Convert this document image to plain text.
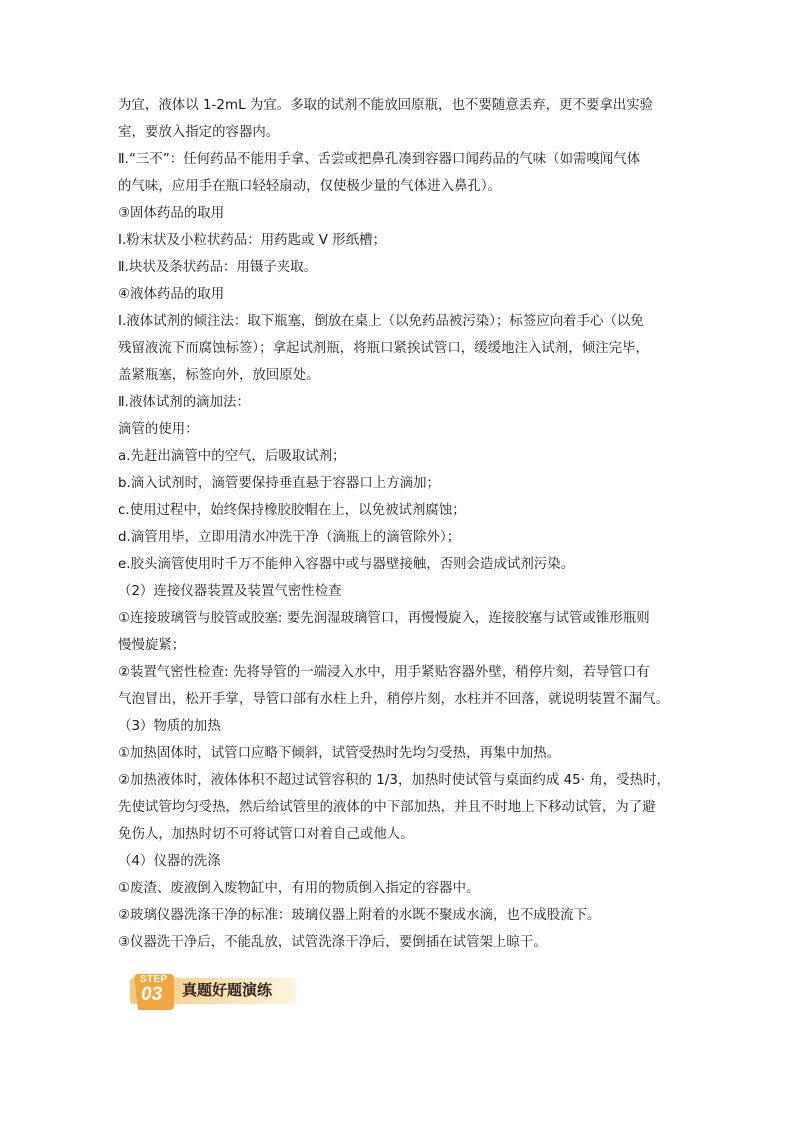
为宜，液体以 1-2mL 为宜。多取的试剂不能放回原瓶，也不要随意丢弃，更不要拿出实验
室，要放入指定的容器内。
Ⅱ.“三不”：任何药品不能用手拿、舌尝或把鼻孔凑到容器口闻药品的气味（如需嗅闻气体
的气味，应用手在瓶口轻轻扇动，仅使极少量的气体进入鼻孔）。
③固体药品的取用
Ⅰ.粉末状及小粒状药品：用药匙或 V 形纸槽；
Ⅱ.块状及条状药品：用镊子夹取。
④液体药品的取用
Ⅰ.液体试剂的倾注法：取下瓶塞，倒放在桌上（以免药品被污染）；标签应向着手心（以免
残留液流下而腐蚀标签）；拿起试剂瓶，将瓶口紧挨试管口，缓缓地注入试剂，倾注完毕，
盖紧瓶塞，标签向外，放回原处。
Ⅱ.液体试剂的滴加法：
滴管的使用：
a.先赶出滴管中的空气，后吸取试剂；
b.滴入试剂时，滴管要保持垂直悬于容器口上方滴加；
c.使用过程中，始终保持橡胶胶帽在上，以免被试剂腐蚀；
d.滴管用毕，立即用清水冲洗干净（滴瓶上的滴管除外）；
e.胶头滴管使用时千万不能伸入容器中或与器壁接触，否则会造成试剂污染。
（2）连接仪器装置及装置气密性检查
①连接玻璃管与胶管或胶塞: 要先润湿玻璃管口，再慢慢旋入，连接胶塞与试管或锥形瓶则
慢慢旋紧；
②装置气密性检查: 先将导管的一端浸入水中，用手紧贴容器外壁，稍停片刻，若导管口有
气泡冒出，松开手掌，导管口部有水柱上升，稍停片刻，水柱并不回落，就说明装置不漏气。
（3）物质的加热
①加热固体时，试管口应略下倾斜，试管受热时先均匀受热，再集中加热。
②加热液体时，液体体积不超过试管容积的 1/3，加热时使试管与桌面约成 45· 角，受热时，
先使试管均匀受热，然后给试管里的液体的中下部加热，并且不时地上下移动试管，为了避
免伤人，加热时切不可将试管口对着自己或他人。
（4）仪器的洗涤
①废渣、废液倒入废物缸中，有用的物质倒入指定的容器中。
②玻璃仪器洗涤干净的标准：玻璃仪器上附着的水既不聚成水滴，也不成股流下。
③仪器洗干净后，不能乱放，试管洗涤干净后，要倒插在试管架上晾干。
STEP
03 真题好题演练
